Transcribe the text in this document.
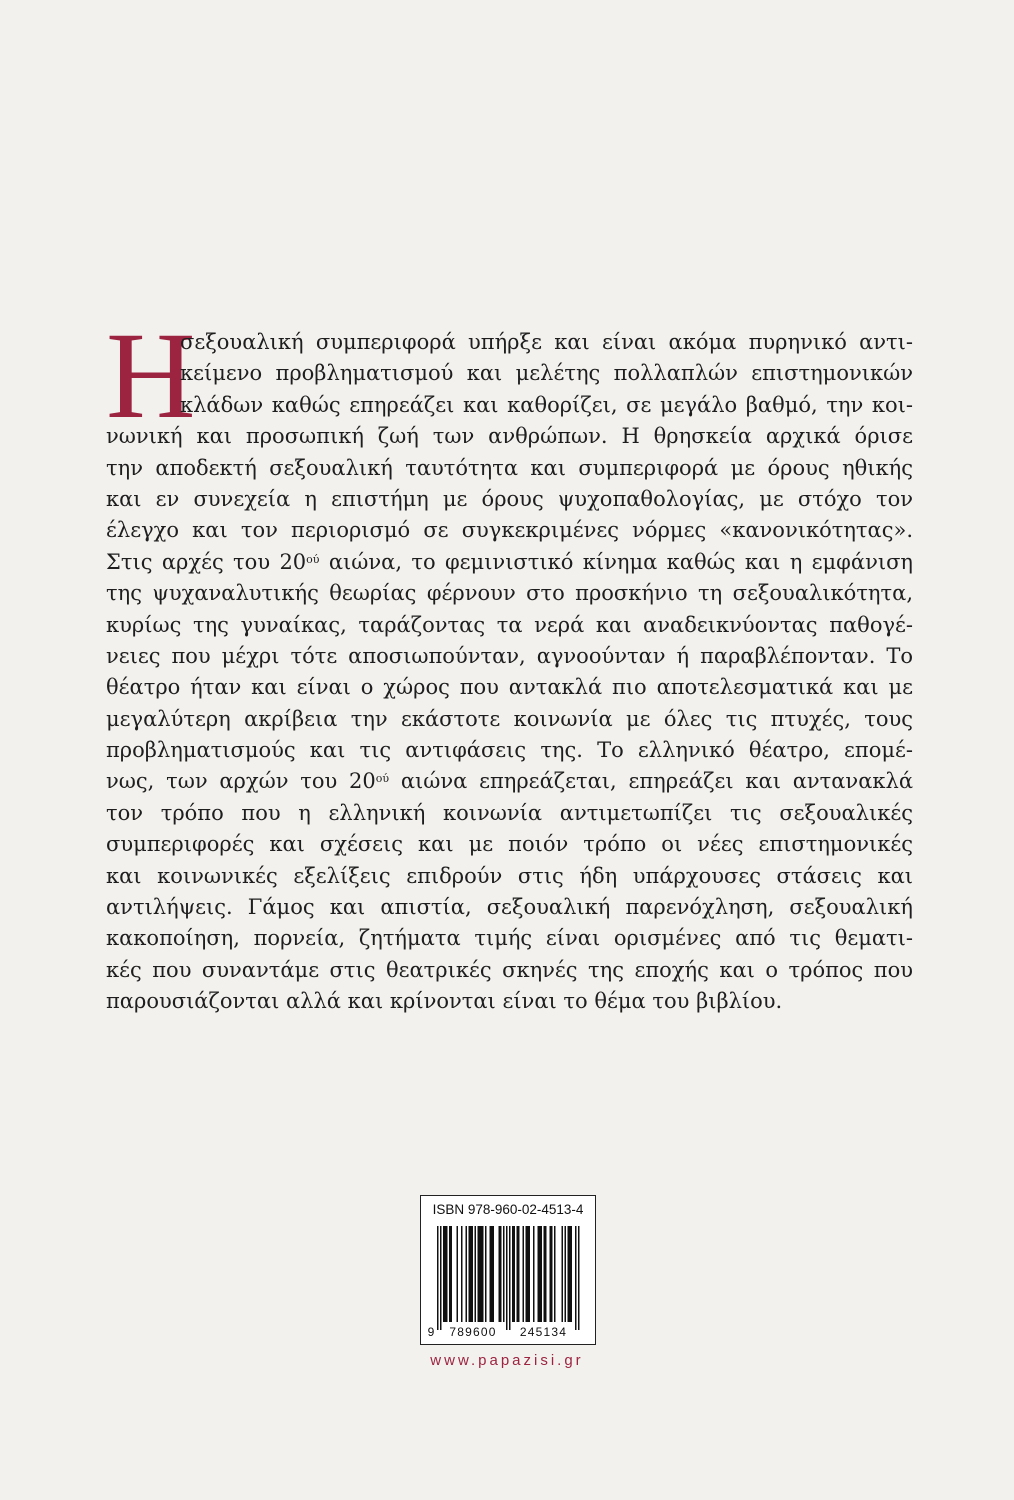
Η
σεξουαλική συμπεριφορά υπήρξε και είναι ακόμα πυρηνικό αντι-
κείμενο προβληματισμού και μελέτης πολλαπλών επιστημονικών
κλάδων καθώς επηρεάζει και καθορίζει, σε μεγάλο βαθμό, την κοι-
νωνική και προσωπική ζωή των ανθρώπων. Η θρησκεία αρχικά όρισε
την αποδεκτή σεξουαλική ταυτότητα και συμπεριφορά με όρους ηθικής
και εν συνεχεία η επιστήμη με όρους ψυχοπαθολογίας, με στόχο τον
έλεγχο και τον περιορισμό σε συγκεκριμένες νόρμες «κανονικότητας».
Στις αρχές του $20^{oύ}$ αιώνα, το φεμινιστικό κίνημα καθώς και η εμφάνιση
της ψυχαναλυτικής θεωρίας φέρνουν στο προσκήνιο τη σεξουαλικότητα,
κυρίως της γυναίκας, ταράζοντας τα νερά και αναδεικνύοντας παθογέ-
νειες που μέχρι τότε αποσιωπούνταν, αγνοούνταν ή παραβλέπονταν. Το
θέατρο ήταν και είναι ο χώρος που αντακλά πιο αποτελεσματικά και με
μεγαλύτερη ακρίβεια την εκάστοτε κοινωνία με όλες τις πτυχές, τους
προβληματισμούς και τις αντιφάσεις της. Το ελληνικό θέατρο, επομέ-
νως, των αρχών του $20^{oύ}$ αιώνα επηρεάζεται, επηρεάζει και αντανακλά
τον τρόπο που η ελληνική κοινωνία αντιμετωπίζει τις σεξουαλικές
συμπεριφορές και σχέσεις και με ποιόν τρόπο οι νέες επιστημονικές
και κοινωνικές εξελίξεις επιδρούν στις ήδη υπάρχουσες στάσεις και
αντιλήψεις. Γάμος και απιστία, σεξουαλική παρενόχληση, σεξουαλική
κακοποίηση, πορνεία, ζητήματα τιμής είναι ορισμένες από τις θεματι-
κές που συναντάμε στις θεατρικές σκηνές της εποχής και ο τρόπος που
παρουσιάζονται αλλά και κρίνονται είναι το θέμα του βιβλίου.
ISBN 978-960-02-4513-4
9 789600 245134
www.papazisi.gr
